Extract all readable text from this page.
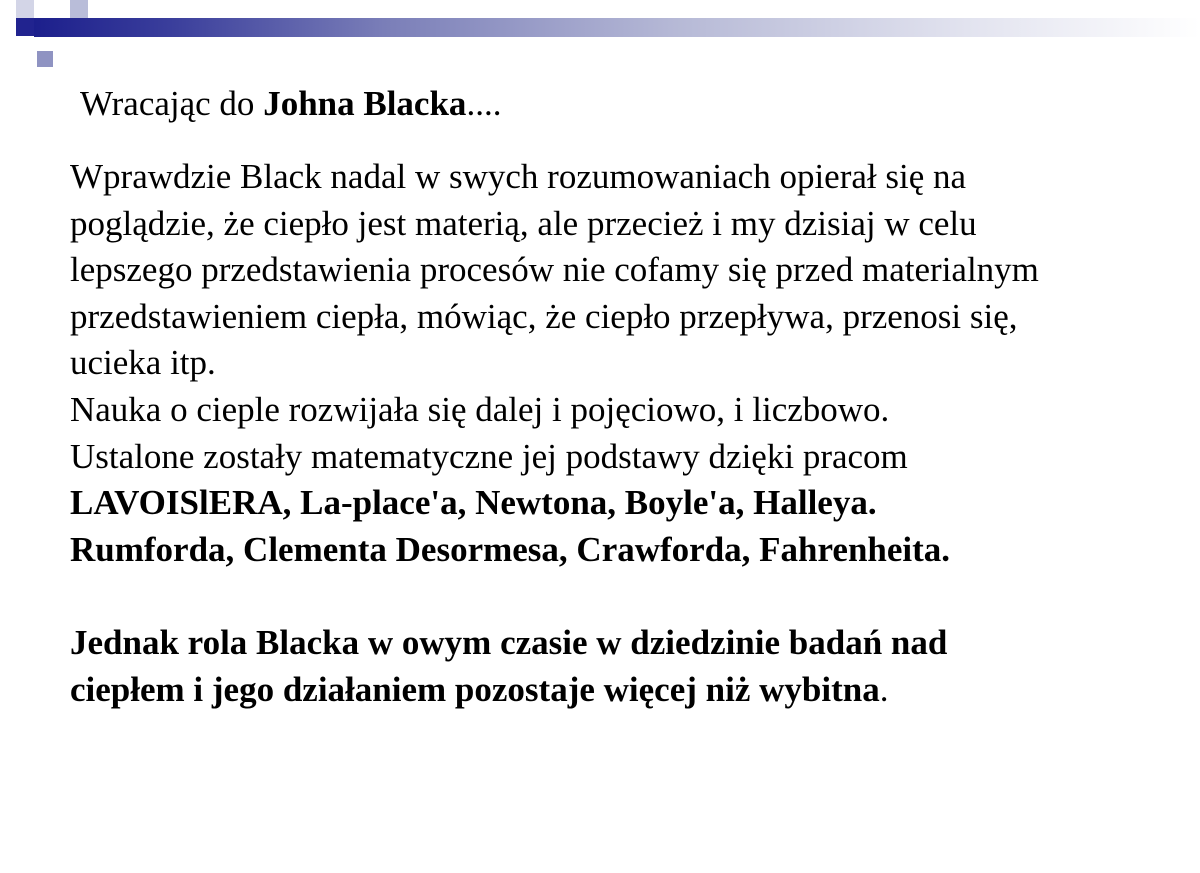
Wracając do Johna Blacka....

Wprawdzie Black nadal w swych rozumowaniach opierał się na

poglądzie, że ciepło jest materią, ale przecież i my dzisiaj w celu

lepszego przedstawienia procesów nie cofamy się przed materialnym

przedstawieniem ciepła, mówiąc, że ciepło przepływa, przenosi się,

ucieka itp.

Nauka o cieple rozwijała się dalej i pojęciowo, i liczbowo.

Ustalone zostały matematyczne jej podstawy dzięki pracom

LAVOISlERA, La-place'a, Newtona, Boyle'a, Halleya.

Rumforda, Clementa Desormesa, Crawforda, Fahrenheita.

Jednak rola Blacka w owym czasie w dziedzinie badań nad

ciepłem i jego działaniem pozostaje więcej niż wybitna.
